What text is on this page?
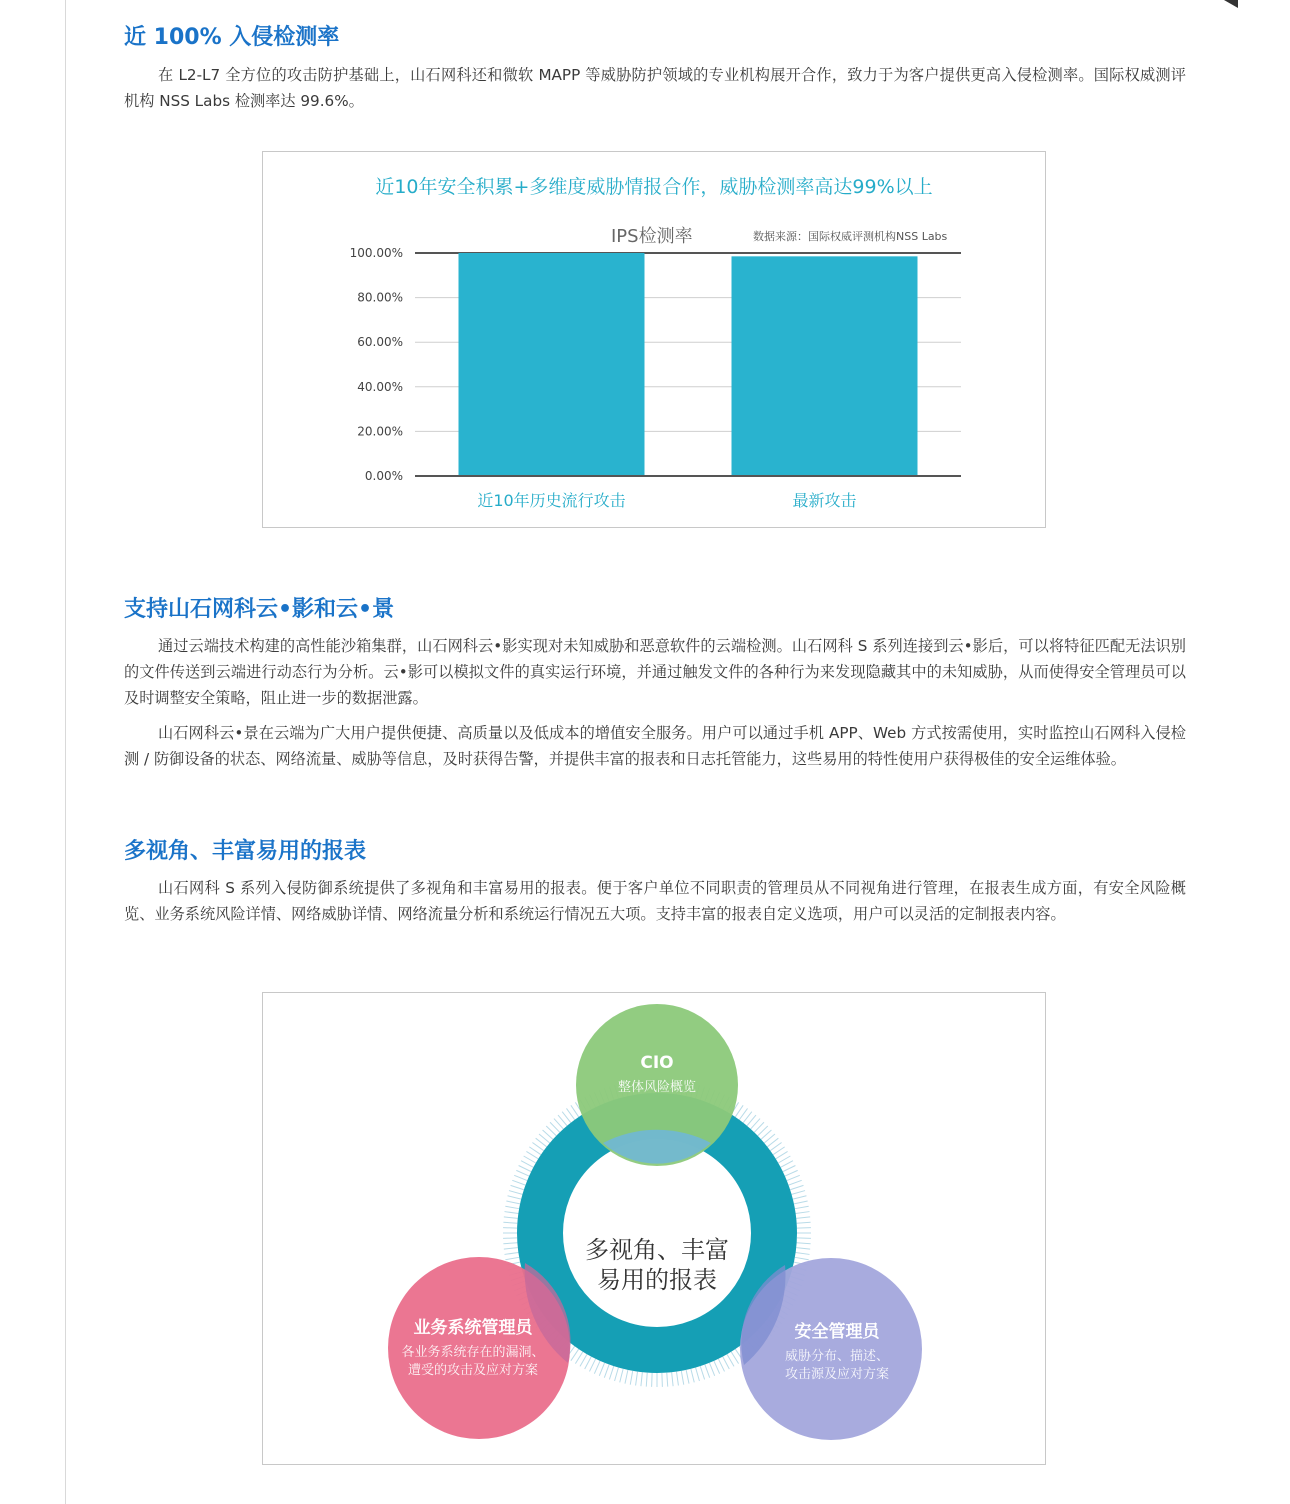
近 100% 入侵检测率

在 L2-L7 全方位的攻击防护基础上，山石网科还和微软 MAPP 等威胁防护领域的专业机构展开合作，致力于为客户提供更高入侵检测率。国际权威测评机构 NSS Labs 检测率达 99.6%。

近10年安全积累+多维度威胁情报合作，威胁检测率高达99%以上
IPS检测率	数据来源：国际权威评测机构NSS Labs
0.00%
20.00%
40.00%
60.00%
80.00%
100.00%
近10年历史流行攻击	最新攻击
支持山石网科云•影和云•景

通过云端技术构建的高性能沙箱集群，山石网科云•影实现对未知威胁和恶意软件的云端检测。山石网科 S 系列连接到云•影后，可以将特征匹配无法识别的文件传送到云端进行动态行为分析。云•影可以模拟文件的真实运行环境，并通过触发文件的各种行为来发现隐藏其中的未知威胁，从而使得安全管理员可以及时调整安全策略，阻止进一步的数据泄露。

山石网科云•景在云端为广大用户提供便捷、高质量以及低成本的增值安全服务。用户可以通过手机 APP、Web 方式按需使用，实时监控山石网科入侵检测 / 防御设备的状态、网络流量、威胁等信息，及时获得告警，并提供丰富的报表和日志托管能力，这些易用的特性使用户获得极佳的安全运维体验。

多视角、丰富易用的报表

山石网科 S 系列入侵防御系统提供了多视角和丰富易用的报表。便于客户单位不同职责的管理员从不同视角进行管理，在报表生成方面，有安全风险概览、业务系统风险详情、网络威胁详情、网络流量分析和系统运行情况五大项。支持丰富的报表自定义选项，用户可以灵活的定制报表内容。

多视角、丰富
易用的报表
CIO
整体风险概览
业务系统管理员
各业务系统存在的漏洞、
遭受的攻击及应对方案
安全管理员
威胁分布、描述、
攻击源及应对方案
